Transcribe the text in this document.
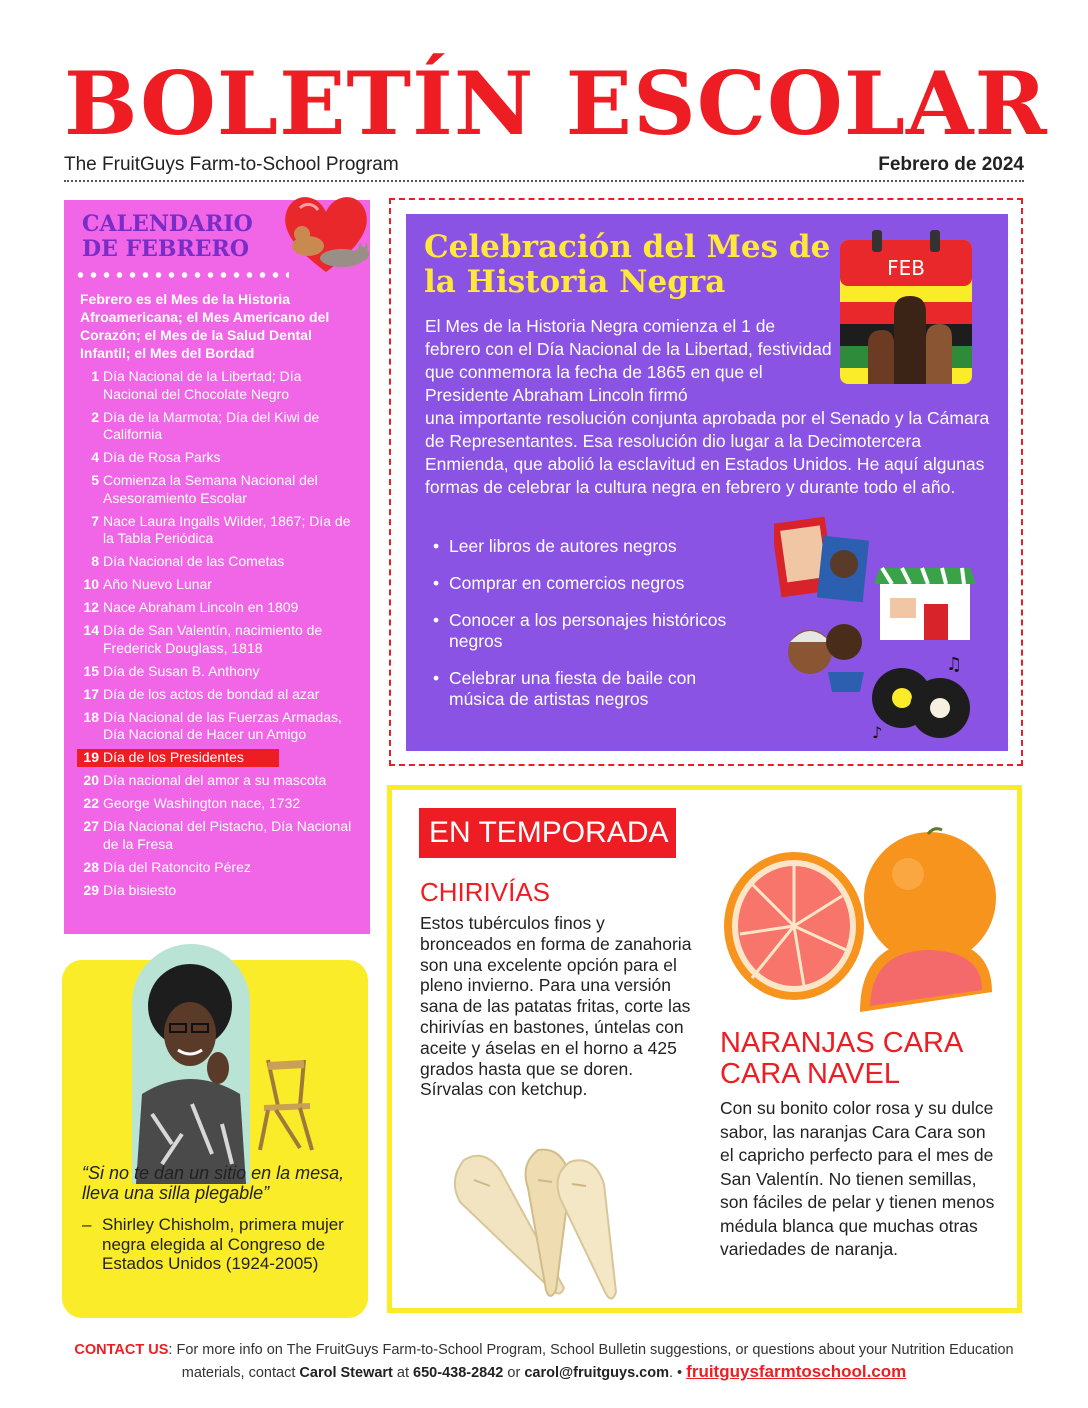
BOLETÍN ESCOLAR
The FruitGuys Farm-to-School Program	Febrero de 2024
CALENDARIO
DE FEBRERO
Febrero es el Mes de la Historia Afroamericana; el Mes Americano del Corazón; el Mes de la Salud Dental Infantil; el Mes del Bordad
1 Día Nacional de la Libertad; Día Nacional del Chocolate Negro
2 Día de la Marmota; Día del Kiwi de California
4 Día de Rosa Parks
5 Comienza la Semana Nacional del Asesoramiento Escolar
7 Nace Laura Ingalls Wilder, 1867; Día de la Tabla Periódica
8 Día Nacional de las Cometas
10 Año Nuevo Lunar
12 Nace Abraham Lincoln en 1809
14 Día de San Valentín, nacimiento de Frederick Douglass, 1818
15 Día de Susan B. Anthony
17 Día de los actos de bondad al azar
18 Día Nacional de las Fuerzas Armadas, Día Nacional de Hacer un Amigo
19 Día de los Presidentes
20 Día nacional del amor a su mascota
22 George Washington nace, 1732
27 Día Nacional del Pistacho, Día Nacional de la Fresa
28 Día del Ratoncito Pérez
29 Día bisiesto
“Si no te dan un sitio en la mesa, lleva una silla plegable”
– Shirley Chisholm, primera mujer negra elegida al Congreso de Estados Unidos (1924-2005)
Celebración del Mes de la Historia Negra	FEB
El Mes de la Historia Negra comienza el 1 de febrero con el Día Nacional de la Libertad, festividad que conmemora la fecha de 1865 en que el Presidente Abraham Lincoln firmó
una importante resolución conjunta aprobada por el Senado y la Cámara de Representantes. Esa resolución dio lugar a la Decimotercera Enmienda, que abolió la esclavitud en Estados Unidos. He aquí algunas formas de celebrar la cultura negra en febrero y durante todo el año.
• Leer libros de autores negros
• Comprar en comercios negros
• Conocer a los personajes históricos negros
• Celebrar una fiesta de baile con música de artistas negros
♫
♪
EN TEMPORADA
CHIRIVÍAS
Estos tubérculos finos y bronceados en forma de zanahoria son una excelente opción para el pleno invierno. Para una versión sana de las patatas fritas, corte las chirivías en bastones, úntelas con aceite y áselas en el horno a 425 grados hasta que se doren. Sírvalas con ketchup.
NARANJAS CARA CARA NAVEL
Con su bonito color rosa y su dulce sabor, las naranjas Cara Cara son el capricho perfecto para el mes de San Valentín. No tienen semillas, son fáciles de pelar y tienen menos médula blanca que muchas otras variedades de naranja.
CONTACT US: For more info on The FruitGuys Farm-to-School Program, School Bulletin suggestions, or questions about your Nutrition Education materials, contact Carol Stewart at 650-438-2842 or carol@fruitguys.com. • fruitguysfarmtoschool.com
